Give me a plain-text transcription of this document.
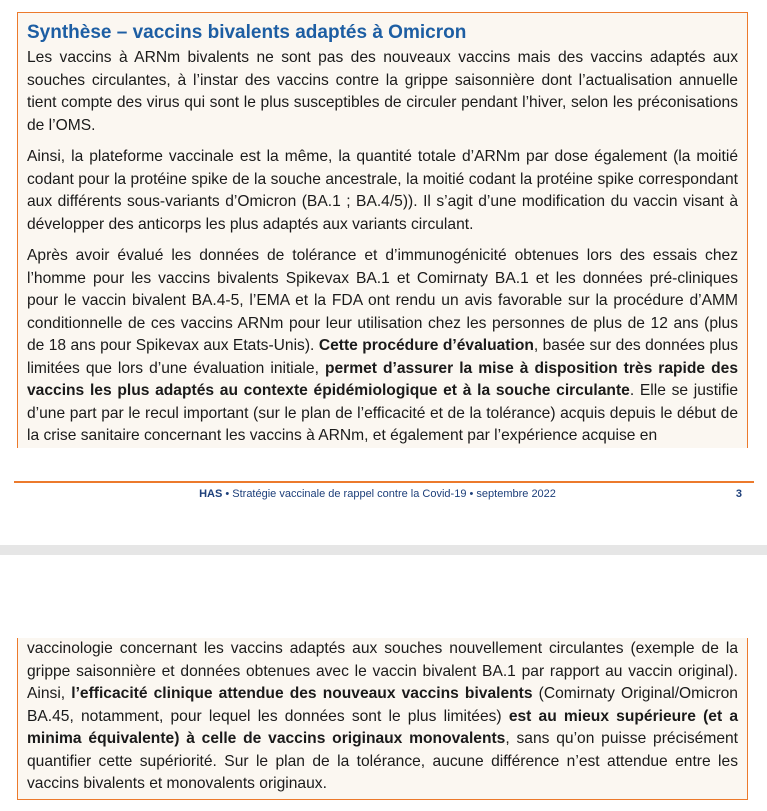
Synthèse – vaccins bivalents adaptés à Omicron

Les vaccins à ARNm bivalents ne sont pas des nouveaux vaccins mais des vaccins adaptés aux souches circulantes, à l’instar des vaccins contre la grippe saisonnière dont l’actualisation annuelle tient compte des virus qui sont le plus susceptibles de circuler pendant l’hiver, selon les préconisations de l’OMS.

Ainsi, la plateforme vaccinale est la même, la quantité totale d’ARNm par dose également (la moitié codant pour la protéine spike de la souche ancestrale, la moitié codant la protéine spike correspondant aux différents sous-variants d’Omicron (BA.1 ; BA.4/5)). Il s’agit d’une modification du vaccin visant à développer des anticorps les plus adaptés aux variants circulant.

Après avoir évalué les données de tolérance et d’immunogénicité obtenues lors des essais chez l’homme pour les vaccins bivalents Spikevax BA.1 et Comirnaty BA.1 et les données pré-cliniques pour le vaccin bivalent BA.4-5, l’EMA et la FDA ont rendu un avis favorable sur la procédure d’AMM conditionnelle de ces vaccins ARNm pour leur utilisation chez les personnes de plus de 12 ans (plus de 18 ans pour Spikevax aux Etats-Unis). Cette procédure d’évaluation, basée sur des données plus limitées que lors d’une évaluation initiale, permet d’assurer la mise à disposition très rapide des vaccins les plus adaptés au contexte épidémiologique et à la souche circulante. Elle se justifie d’une part par le recul important (sur le plan de l’efficacité et de la tolérance) acquis depuis le début de la crise sanitaire concernant les vaccins à ARNm, et également par l’expérience acquise en

HAS • Stratégie vaccinale de rappel contre la Covid-19 • septembre 2022	3

vaccinologie concernant les vaccins adaptés aux souches nouvellement circulantes (exemple de la grippe saisonnière et données obtenues avec le vaccin bivalent BA.1 par rapport au vaccin original). Ainsi, l’efficacité clinique attendue des nouveaux vaccins bivalents (Comirnaty Original/Omicron BA.45, notamment, pour lequel les données sont le plus limitées) est au mieux supérieure (et a minima équivalente) à celle de vaccins originaux monovalents, sans qu’on puisse précisément quantifier cette supériorité. Sur le plan de la tolérance, aucune différence n’est attendue entre les vaccins bivalents et monovalents originaux.
